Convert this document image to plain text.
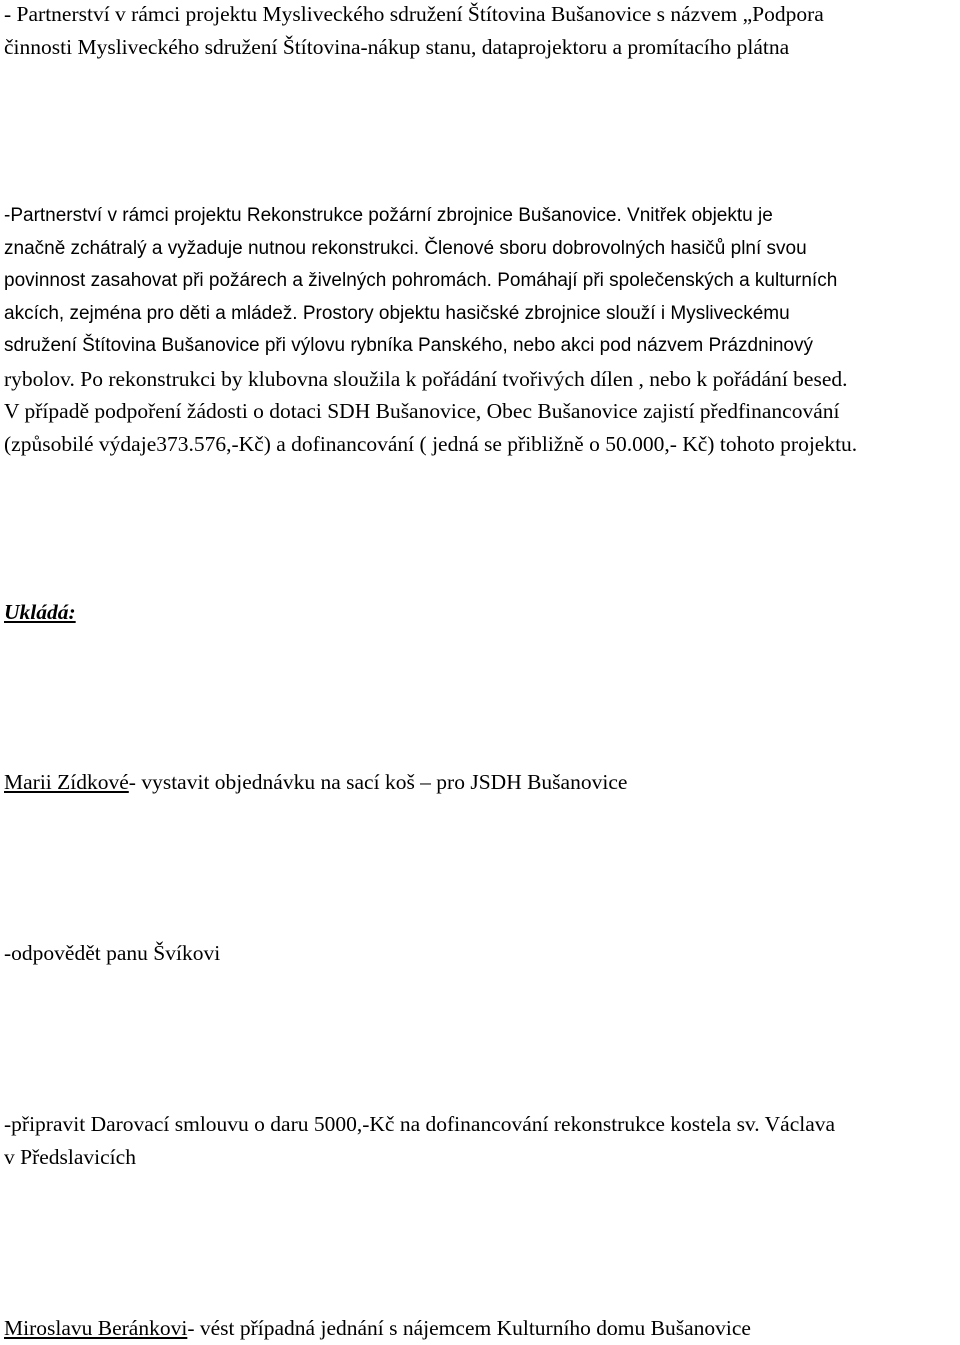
- Partnerství v rámci projektu Mysliveckého sdružení Štítovina Bušanovice s názvem „Podpora
činnosti Mysliveckého sdružení Štítovina-nákup stanu, dataprojektoru a promítacího plátna
-Partnerství v rámci projektu Rekonstrukce požární zbrojnice Bušanovice. Vnitřek objektu je
značně zchátralý a vyžaduje nutnou rekonstrukci. Členové sboru dobrovolných hasičů plní svou
povinnost zasahovat při požárech a živelných pohromách. Pomáhají při společenských a kulturních
akcích, zejména pro děti a mládež. Prostory objektu hasičské zbrojnice slouží i Mysliveckému
sdružení Štítovina Bušanovice při výlovu rybníka Panského, nebo akci pod názvem Prázdninový
rybolov. Po rekonstrukci by klubovna sloužila k pořádání tvořivých dílen , nebo k pořádání besed.
V případě podpoření žádosti o dotaci SDH Bušanovice, Obec Bušanovice zajistí předfinancování
(způsobilé výdaje373.576,-Kč) a dofinancování ( jedná se přibližně o 50.000,- Kč) tohoto projektu.
Ukládá:
Marii Zídkové- vystavit objednávku na sací koš – pro JSDH Bušanovice
-odpovědět panu Švíkovi
-připravit Darovací smlouvu o daru 5000,-Kč na dofinancování rekonstrukce kostela sv. Václava
v Předslavicích
Miroslavu Beránkovi- vést případná jednání s nájemcem Kulturního domu Bušanovice
